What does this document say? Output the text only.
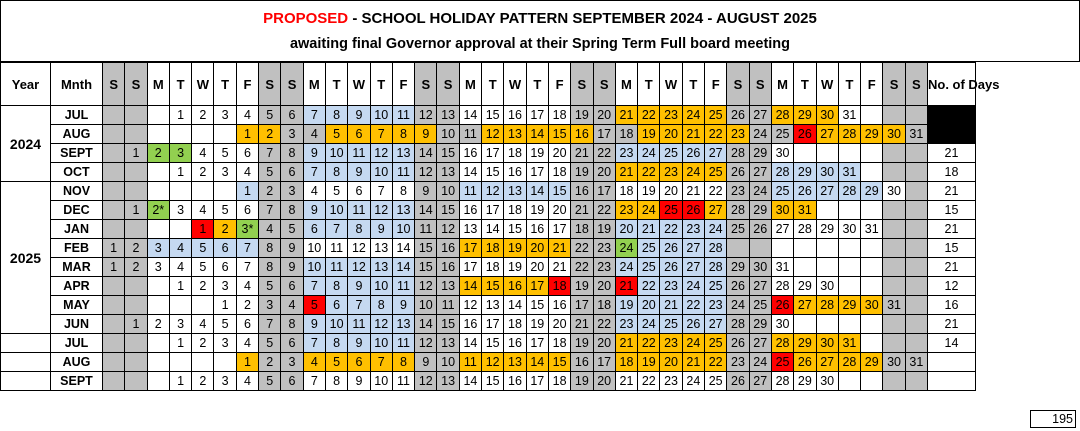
PROPOSED - SCHOOL HOLIDAY PATTERN SEPTEMBER 2024 - AUGUST 2025
awaiting final Governor approval at their Spring Term Full board meeting
Year	Mnth	S	S	M	T	W	T	F	S	S	M	T	W	T	F	S	S	M	T	W	T	F	S	S	M	T	W	T	F	S	S	M	T	W	T	F	S	S	No. of Days
2024	JUL				1	2	3	4	5	6	7	8	9	10	11	12	13	14	15	16	17	18	19	20	21	22	23	24	25	26	27	28	29	30	31				
	AUG							1	2	3	4	5	6	7	8	9	10	11	12	13	14	15	16	17	18	19	20	21	22	23	24	25	26	27	28	29	30	31	
	SEPT		1	2	3	4	5	6	7	8	9	10	11	12	13	14	15	16	17	18	19	20	21	22	23	24	25	26	27	28	29	30							21
	OCT				1	2	3	4	5	6	7	8	9	10	11	12	13	14	15	16	17	18	19	20	21	22	23	24	25	26	27	28	29	30	31				18
2025	NOV							1	2	3	4	5	6	7	8	9	10	11	12	13	14	15	16	17	18	19	20	21	22	23	24	25	26	27	28	29	30		21
	DEC		1	2*	3	4	5	6	7	8	9	10	11	12	13	14	15	16	17	18	19	20	21	22	23	24	25	26	27	28	29	30	31						15
	JAN					1	2	3*	4	5	6	7	8	9	10	11	12	13	14	15	16	17	18	19	20	21	22	23	24	25	26	27	28	29	30	31			21
	FEB	1	2	3	4	5	6	7	8	9	10	11	12	13	14	15	16	17	18	19	20	21	22	23	24	25	26	27	28										15
	MAR	1	2	3	4	5	6	7	8	9	10	11	12	13	14	15	16	17	18	19	20	21	22	23	24	25	26	27	28	29	30	31							21
	APR				1	2	3	4	5	6	7	8	9	10	11	12	13	14	15	16	17	18	19	20	21	22	23	24	25	26	27	28	29	30					12
	MAY						1	2	3	4	5	6	7	8	9	10	11	12	13	14	15	16	17	18	19	20	21	22	23	24	25	26	27	28	29	30	31		16
	JUN		1	2	3	4	5	6	7	8	9	10	11	12	13	14	15	16	17	18	19	20	21	22	23	24	25	26	27	28	29	30							21
	JUL				1	2	3	4	5	6	7	8	9	10	11	12	13	14	15	16	17	18	19	20	21	22	23	24	25	26	27	28	29	30	31				14
	AUG							1	2	3	4	5	6	7	8	9	10	11	12	13	14	15	16	17	18	19	20	21	22	23	24	25	26	27	28	29	30	31	
	SEPT				1	2	3	4	5	6	7	8	9	10	11	12	13	14	15	16	17	18	19	20	21	22	23	24	25	26	27	28	29	30					
195
